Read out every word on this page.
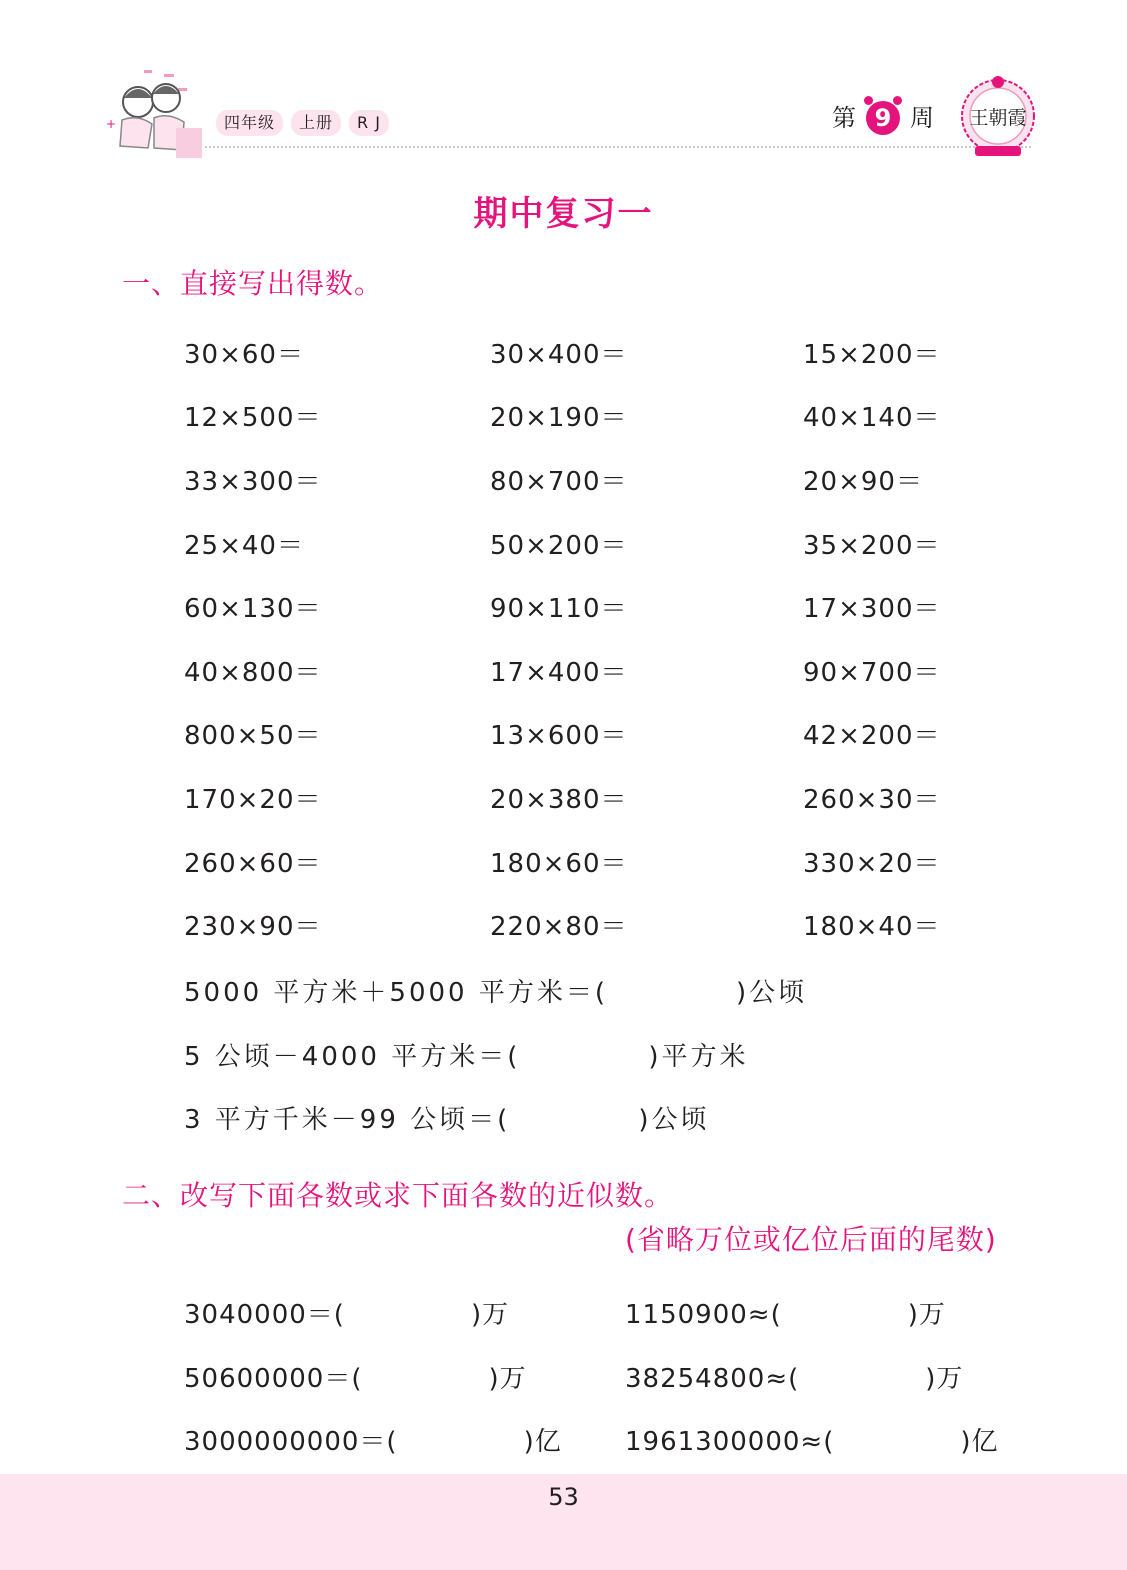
+	四年级	上册	R J	第 9 周 王朝霞
期中复习一
一、直接写出得数。
30×60＝	30×400＝	15×200＝
12×500＝	20×190＝	40×140＝
33×300＝	80×700＝	20×90＝
25×40＝	50×200＝	35×200＝
60×130＝	90×110＝	17×300＝
40×800＝	17×400＝	90×700＝
800×50＝	13×600＝	42×200＝
170×20＝	20×380＝	260×30＝
260×60＝	180×60＝	330×20＝
230×90＝	220×80＝	180×40＝
5000 平方米＋5000 平方米＝(	)公顷
5 公顷－4000 平方米＝(	)平方米
3 平方千米－99 公顷＝(	)公顷
二、改写下面各数或求下面各数的近似数。
(省略万位或亿位后面的尾数)
3040000＝(	)万	1150900≈(	)万
50600000＝(	)万	38254800≈(	)万
3000000000＝(	)亿	1961300000≈(	)亿
53
